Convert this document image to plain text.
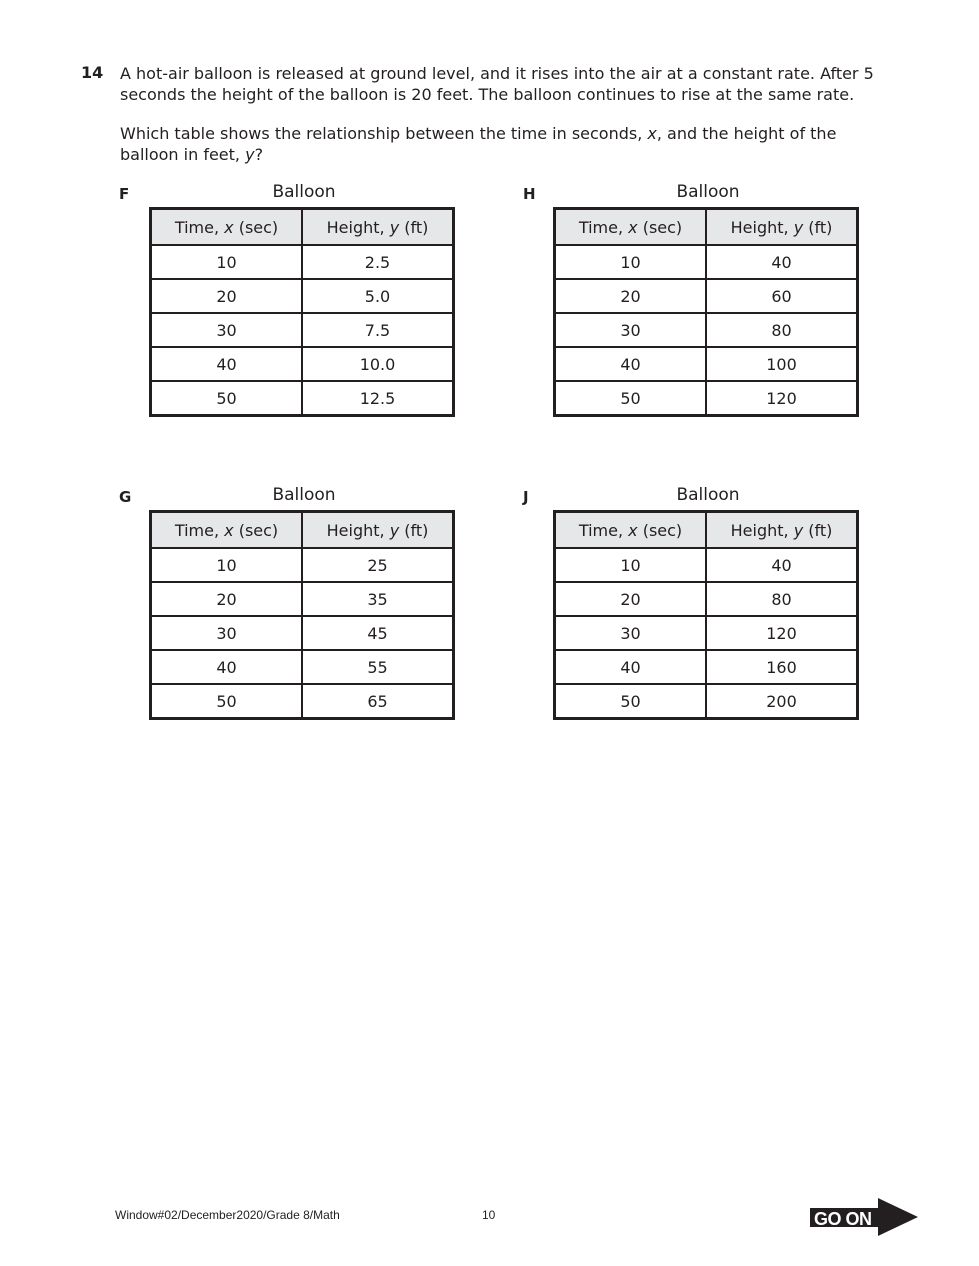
14 A hot-air balloon is released at ground level, and it rises into the air at a constant rate. After 5 seconds the height of the balloon is 20 feet. The balloon continues to rise at the same rate.
Which table shows the relationship between the time in seconds, x, and the height of the balloon in feet, y?
F	Balloon
Time, x (sec)	Height, y (ft)
10	2.5
20	5.0
30	7.5
40	10.0
50	12.5
H	Balloon
Time, x (sec)	Height, y (ft)
10	40
20	60
30	80
40	100
50	120
G	Balloon
Time, x (sec)	Height, y (ft)
10	25
20	35
30	45
40	55
50	65
J	Balloon
Time, x (sec)	Height, y (ft)
10	40
20	80
30	120
40	160
50	200
Window#02/December2020/Grade 8/Math	10	GO ON
